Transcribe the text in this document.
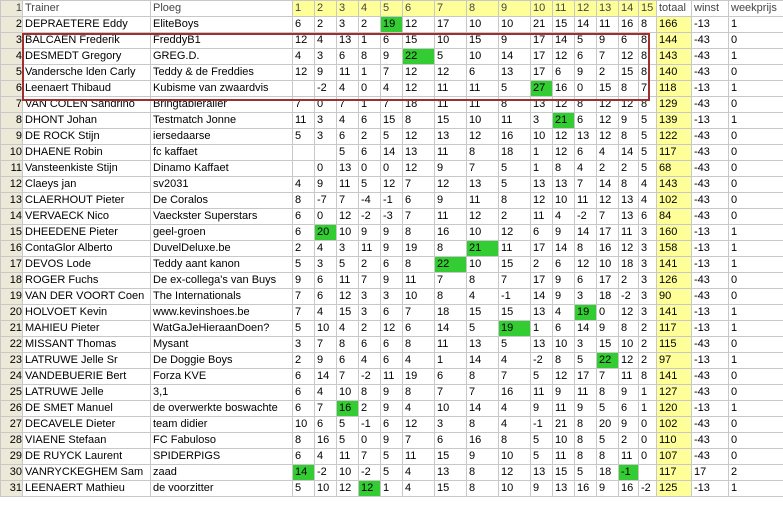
1	Trainer	Ploeg	1	2	3	4	5	6	7	8	9	10	11	12	13	14	15	totaal	winst	weekprijs
2	DEPRAETERE Eddy	EliteBoys	6	2	3	2	19	12	17	10	10	21	15	14	11	16	8	166	-13	1
3	BALCAEN Frederik	FreddyB1	12	4	13	1	6	15	10	15	9	17	14	5	9	6	8	144	-43	0
4	DESMEDT Gregory	GREG.D.	4	3	6	8	9	22	5	10	14	17	12	6	7	12	8	143	-43	1
5	Vandersche lden Carly	Teddy & de Freddies	12	9	11	1	7	12	12	6	13	17	6	9	2	15	8	140	-43	0
6	Leenaert Thibaud	Kubisme van zwaardvis		-2	4	0	4	12	11	11	5	27	16	0	15	8	7	118	-13	1
7	VAN COLEN Sandrino	Bringtabieralier	7	0	7	1	7	18	11	11	8	13	12	8	12	12	8	129	-43	0
8	DHONT Johan	Testmatch Jonne	11	3	4	6	15	8	15	10	11	3	21	6	12	9	5	139	-13	1
9	DE ROCK Stijn	iersedaarse	5	3	6	2	5	12	13	12	16	10	12	13	12	8	5	122	-43	0
10	DHAENE Robin	fc kaffaet			5	6	14	13	11	8	18	1	12	6	4	14	5	117	-43	0
11	Vansteenkiste Stijn	Dinamo Kaffaet		0	13	0	0	12	9	7	5	1	8	4	2	2	5	68	-43	0
12	Claeys jan	sv2031	4	9	11	5	12	7	12	13	5	13	13	7	14	8	4	143	-43	0
13	CLAERHOUT Pieter	De Coralos	8	-7	7	-4	-1	6	9	11	8	12	10	11	12	13	4	102	-43	0
14	VERVAECK Nico	Vaeckster Superstars	6	0	12	-2	-3	7	11	12	2	11	4	-2	7	13	6	84	-43	0
15	DHEEDENE Pieter	geel-groen	6	20	10	9	9	8	16	10	12	6	9	14	17	11	3	160	-13	1
16	ContaGlor Alberto	DuvelDeluxe.be	2	4	3	11	9	19	8	21	11	17	14	8	16	12	3	158	-13	1
17	DEVOS Lode	Teddy aant kanon	5	3	5	2	6	8	22	10	15	2	6	12	10	18	3	141	-13	1
18	ROGER Fuchs	De ex-collega's van Buys	9	6	11	7	9	11	7	8	7	17	9	6	17	2	3	126	-43	0
19	VAN DER VOORT Coen	The Internationals	7	6	12	3	3	10	8	4	-1	14	9	3	18	-2	3	90	-43	0
20	HOLVOET Kevin	www.kevinshoes.be	7	4	15	3	6	7	18	15	15	13	4	19	0	12	3	141	-13	1
21	MAHIEU Pieter	WatGaJeHieraanDoen?	5	10	4	2	12	6	14	5	19	1	6	14	9	8	2	117	-13	1
22	MISSANT Thomas	Mysant	3	7	8	6	6	8	11	13	5	13	10	3	15	10	2	115	-43	0
23	LATRUWE Jelle Sr	De Doggie Boys	2	9	6	4	6	4	1	14	4	-2	8	5	22	12	2	97	-13	1
24	VANDEBUERIE Bert	Forza KVE	6	14	7	-2	11	19	6	8	7	5	12	17	7	11	8	141	-43	0
25	LATRUWE Jelle	3,1	6	4	10	8	9	8	7	7	16	11	9	11	8	9	1	127	-43	0
26	DE SMET Manuel	de overwerkte boswachte	6	7	16	2	9	4	10	14	4	9	11	9	5	6	1	120	-13	1
27	DECAVELE Dieter	team didier	10	6	5	-1	6	12	3	8	4	-1	21	8	20	9	0	102	-43	0
28	VIAENE Stefaan	FC Fabuloso	8	16	5	0	9	7	6	16	8	5	10	8	5	2	0	110	-43	0
29	DE RUYCK Laurent	SPIDERPIGS	6	4	11	7	5	11	15	9	10	5	11	8	8	11	0	107	-43	0
30	VANRYCKEGHEM Sam	zaad	14	-2	10	-2	5	4	13	8	12	13	15	5	18	-1		117	17	2
31	LEENAERT Mathieu	de voorzitter	5	10	12	12	1	4	15	8	10	9	13	16	9	16	-2	125	-13	1
